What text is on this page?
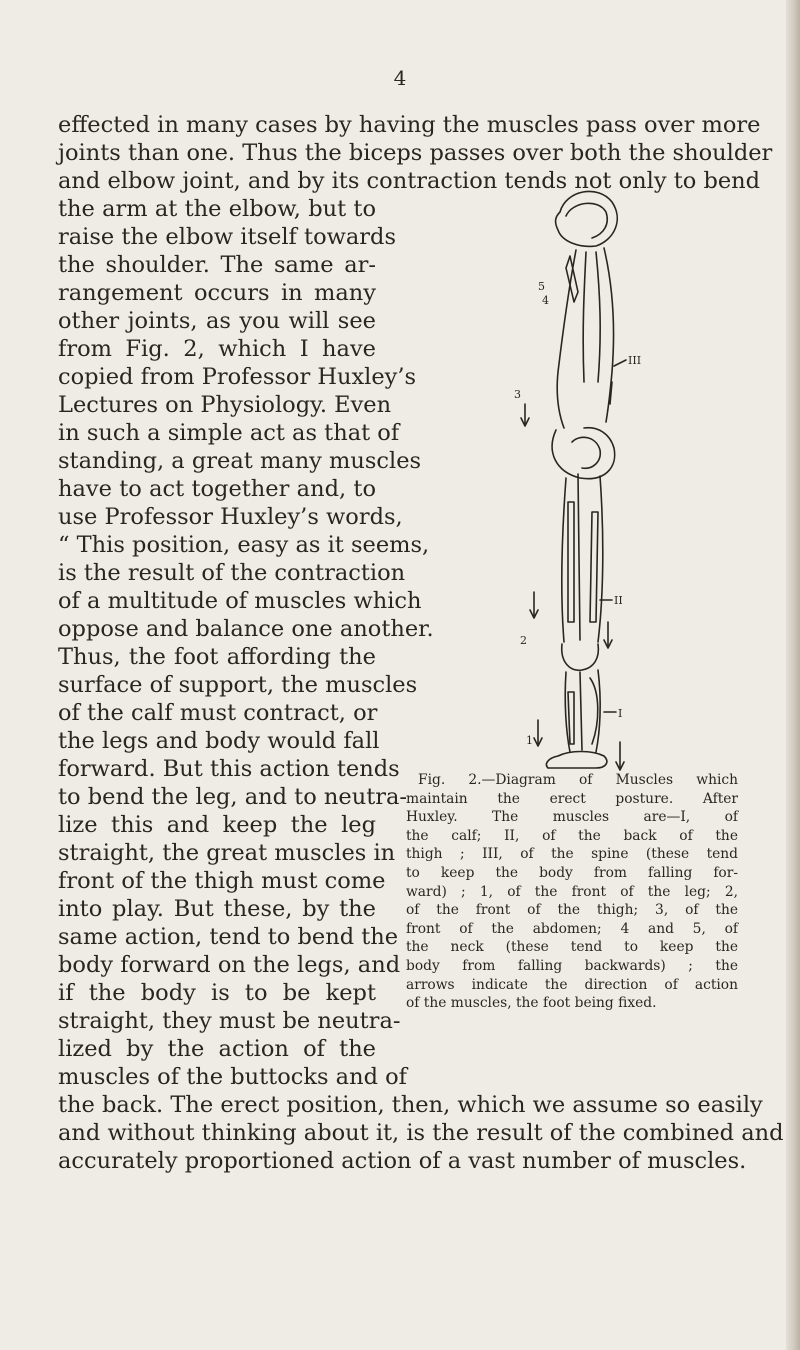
4
effected in many cases by having the muscles pass over more
joints than one. Thus the biceps passes over both the shoulder
and elbow joint, and by its contraction tends not only to bend
the arm at the elbow, but to
raise the elbow itself towards
the shoulder. The same ar-
rangement occurs in many
other joints, as you will see
from Fig. 2, which I have
copied from Professor Huxley’s
Lectures on Physiology. Even
in such a simple act as that of
standing, a great many muscles
have to act together and, to
use Professor Huxley’s words,
“ This position, easy as it seems,
is the result of the contraction
of a multitude of muscles which
oppose and balance one another.
Thus, the foot affording the
surface of support, the muscles
of the calf must contract, or
the legs and body would fall
forward. But this action tends
to bend the leg, and to neutra-
lize this and keep the leg
straight, the great muscles in
front of the thigh must come
into play. But these, by the
same action, tend to bend the
body forward on the legs, and
if the body is to be kept
straight, they must be neutra-
lized by the action of the
muscles of the buttocks and of
the back. The erect position, then, which we assume so easily
and without thinking about it, is the result of the combined and
accurately proportioned action of a vast number of muscles.
III
II
I
5
4
3
2
1
Fig. 2.—Diagram of Muscles which
maintain the erect posture. After
Huxley. The muscles are—I, of
the calf; II, of the back of the
thigh ; III, of the spine (these tend
to keep the body from falling for-
ward) ; 1, of the front of the leg; 2,
of the front of the thigh; 3, of the
front of the abdomen; 4 and 5, of
the neck (these tend to keep the
body from falling backwards) ; the
arrows indicate the direction of action
of the muscles, the foot being fixed.
